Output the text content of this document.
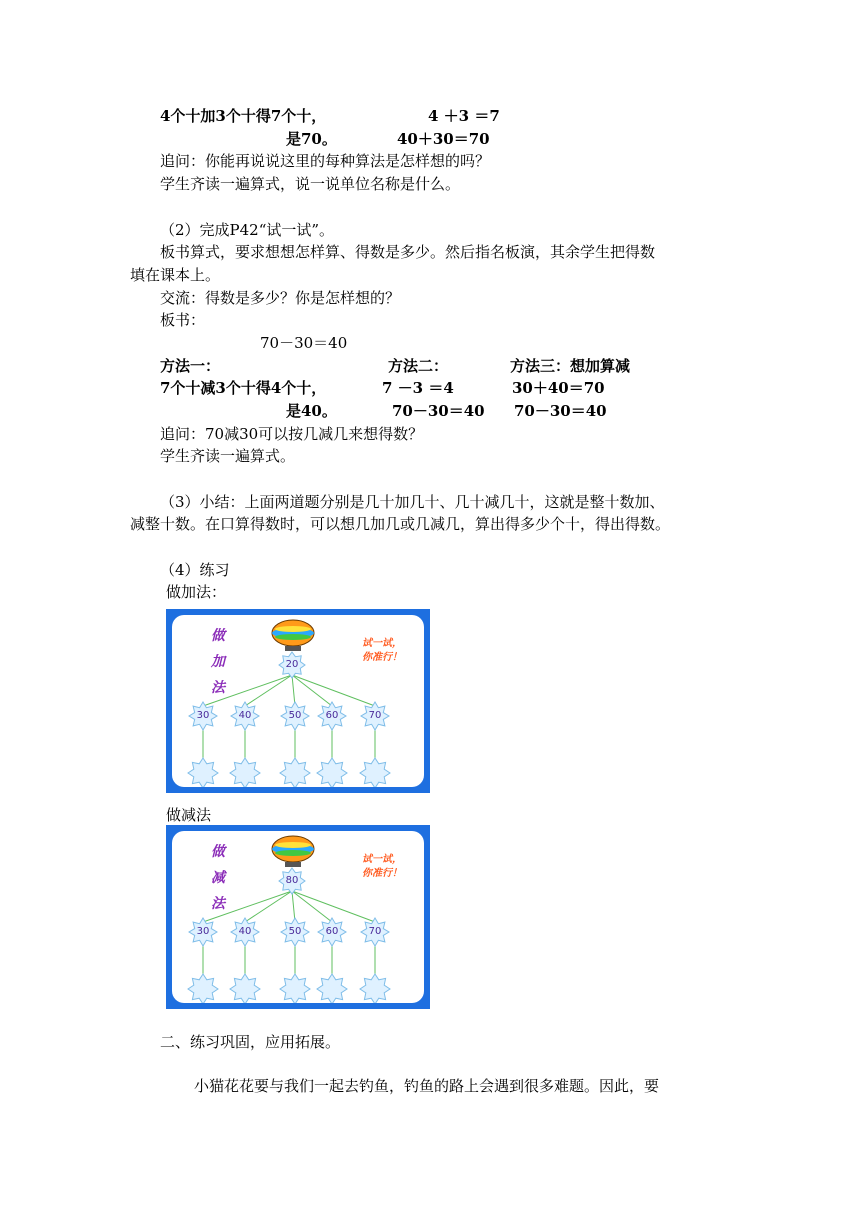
4个十加3个十得7个十，	4 ＋3 ＝7
是70。	40＋30＝70
追问：你能再说说这里的每种算法是怎样想的吗？
学生齐读一遍算式，说一说单位名称是什么。
（2）完成P42“试一试”。
板书算式，要求想想怎样算、得数是多少。然后指名板演，其余学生把得数
填在课本上。
交流：得数是多少？你是怎样想的？
板书：
70－30＝40
方法一：	方法二：	方法三：想加算减
7个十减3个十得4个十，	7 －3 ＝4	30＋40＝70
是40。	70－30＝40 70－30＝40
追问：70减30可以按几减几来想得数？
学生齐读一遍算式。
（3）小结：上面两道题分别是几十加几十、几十减几十，这就是整十数加、
减整十数。在口算得数时，可以想几加几或几减几，算出得多少个十，得出得数。
（4）练习
做加法：
做减法
二、练习巩固，应用拓展。
小猫花花要与我们一起去钓鱼，钓鱼的路上会遇到很多难题。因此，要
做
加
法
试一试，
你准行！
20
30	40	50	60	70
做
减
法
试一试，
你准行！
80
30	40	50	60	70
